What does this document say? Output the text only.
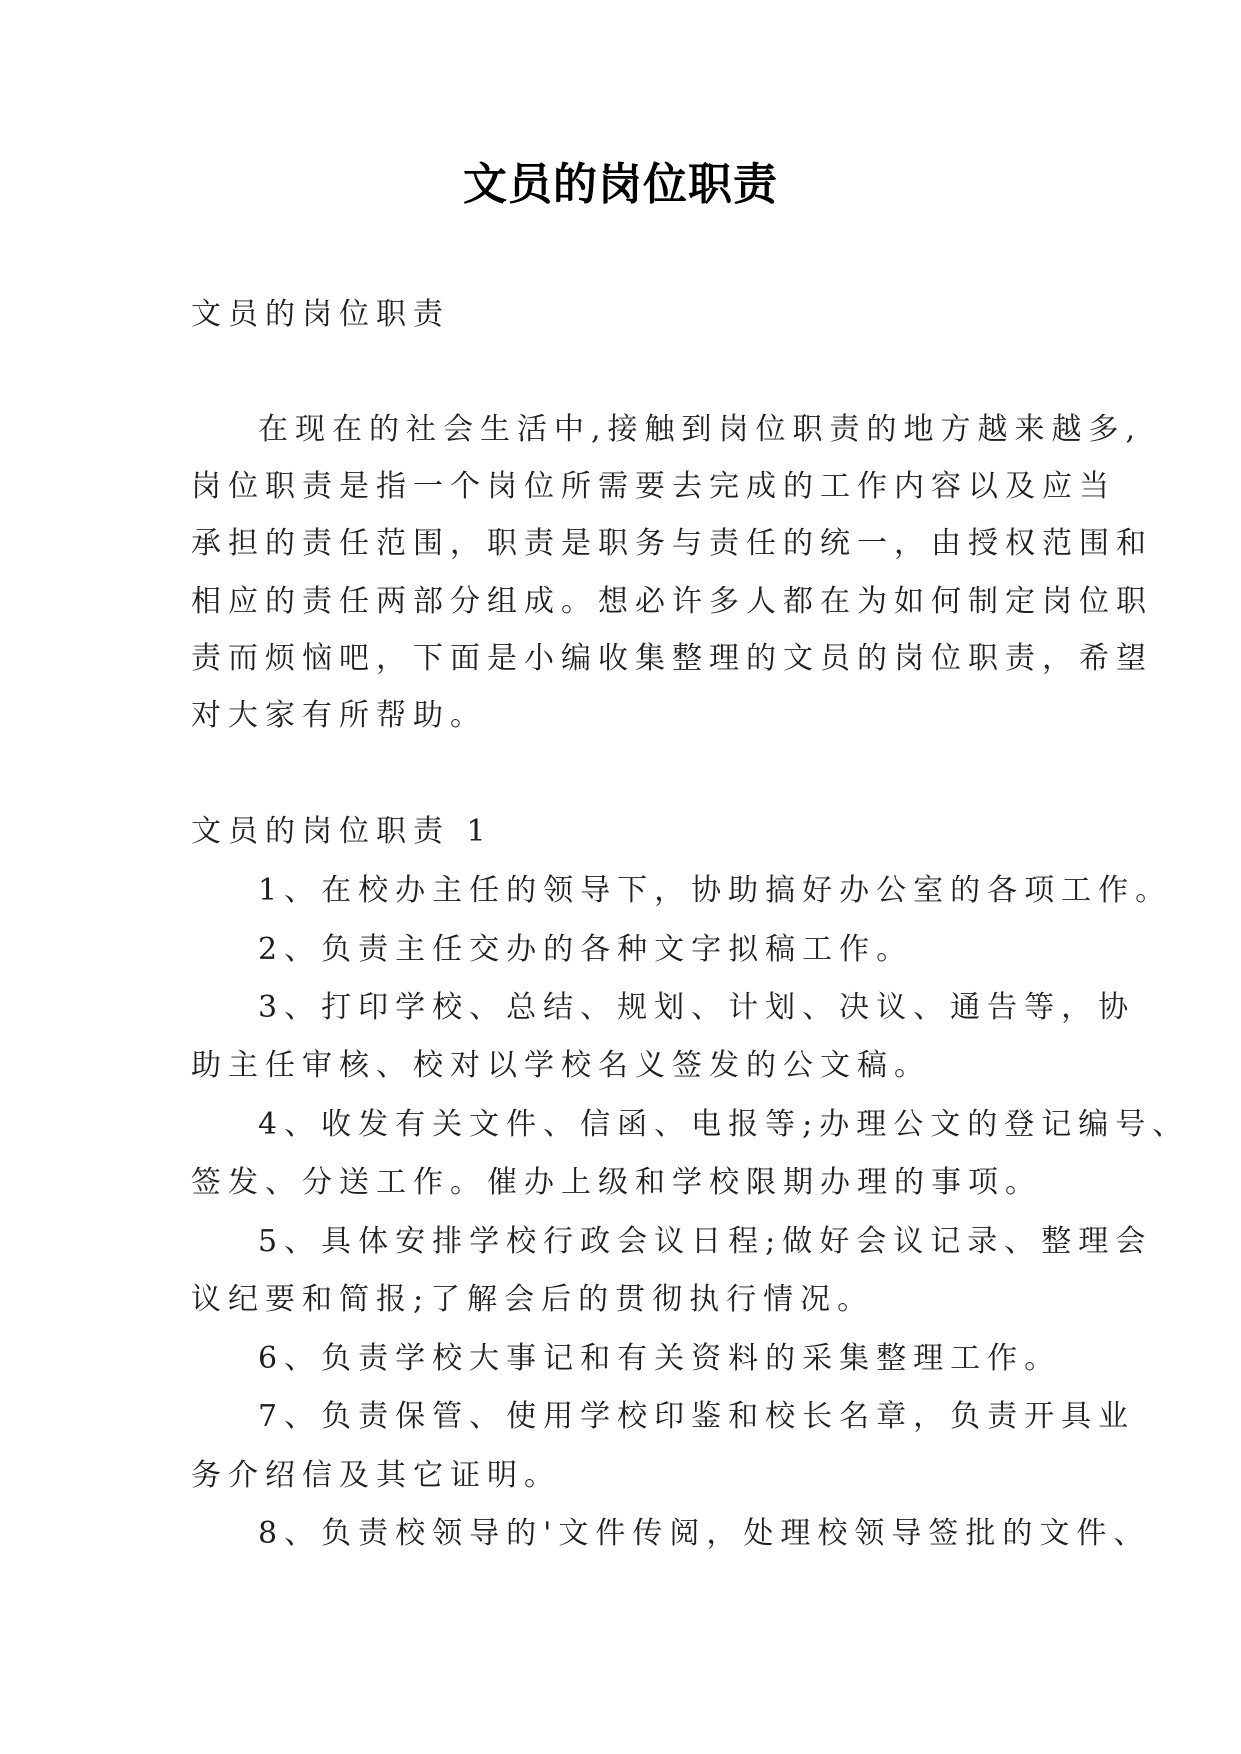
文员的岗位职责
文员的岗位职责
在现在的社会生活中,接触到岗位职责的地方越来越多,
岗位职责是指一个岗位所需要去完成的工作内容以及应当
承担的责任范围，职责是职务与责任的统一，由授权范围和
相应的责任两部分组成。想必许多人都在为如何制定岗位职
责而烦恼吧，下面是小编收集整理的文员的岗位职责，希望
对大家有所帮助。
文员的岗位职责 1
1、在校办主任的领导下，协助搞好办公室的各项工作。
2、负责主任交办的各种文字拟稿工作。
3、打印学校、总结、规划、计划、决议、通告等，协
助主任审核、校对以学校名义签发的公文稿。
4、收发有关文件、信函、电报等;办理公文的登记编号、
签发、分送工作。催办上级和学校限期办理的事项。
5、具体安排学校行政会议日程;做好会议记录、整理会
议纪要和简报;了解会后的贯彻执行情况。
6、负责学校大事记和有关资料的采集整理工作。
7、负责保管、使用学校印鉴和校长名章，负责开具业
务介绍信及其它证明。
8、负责校领导的'文件传阅，处理校领导签批的文件、
